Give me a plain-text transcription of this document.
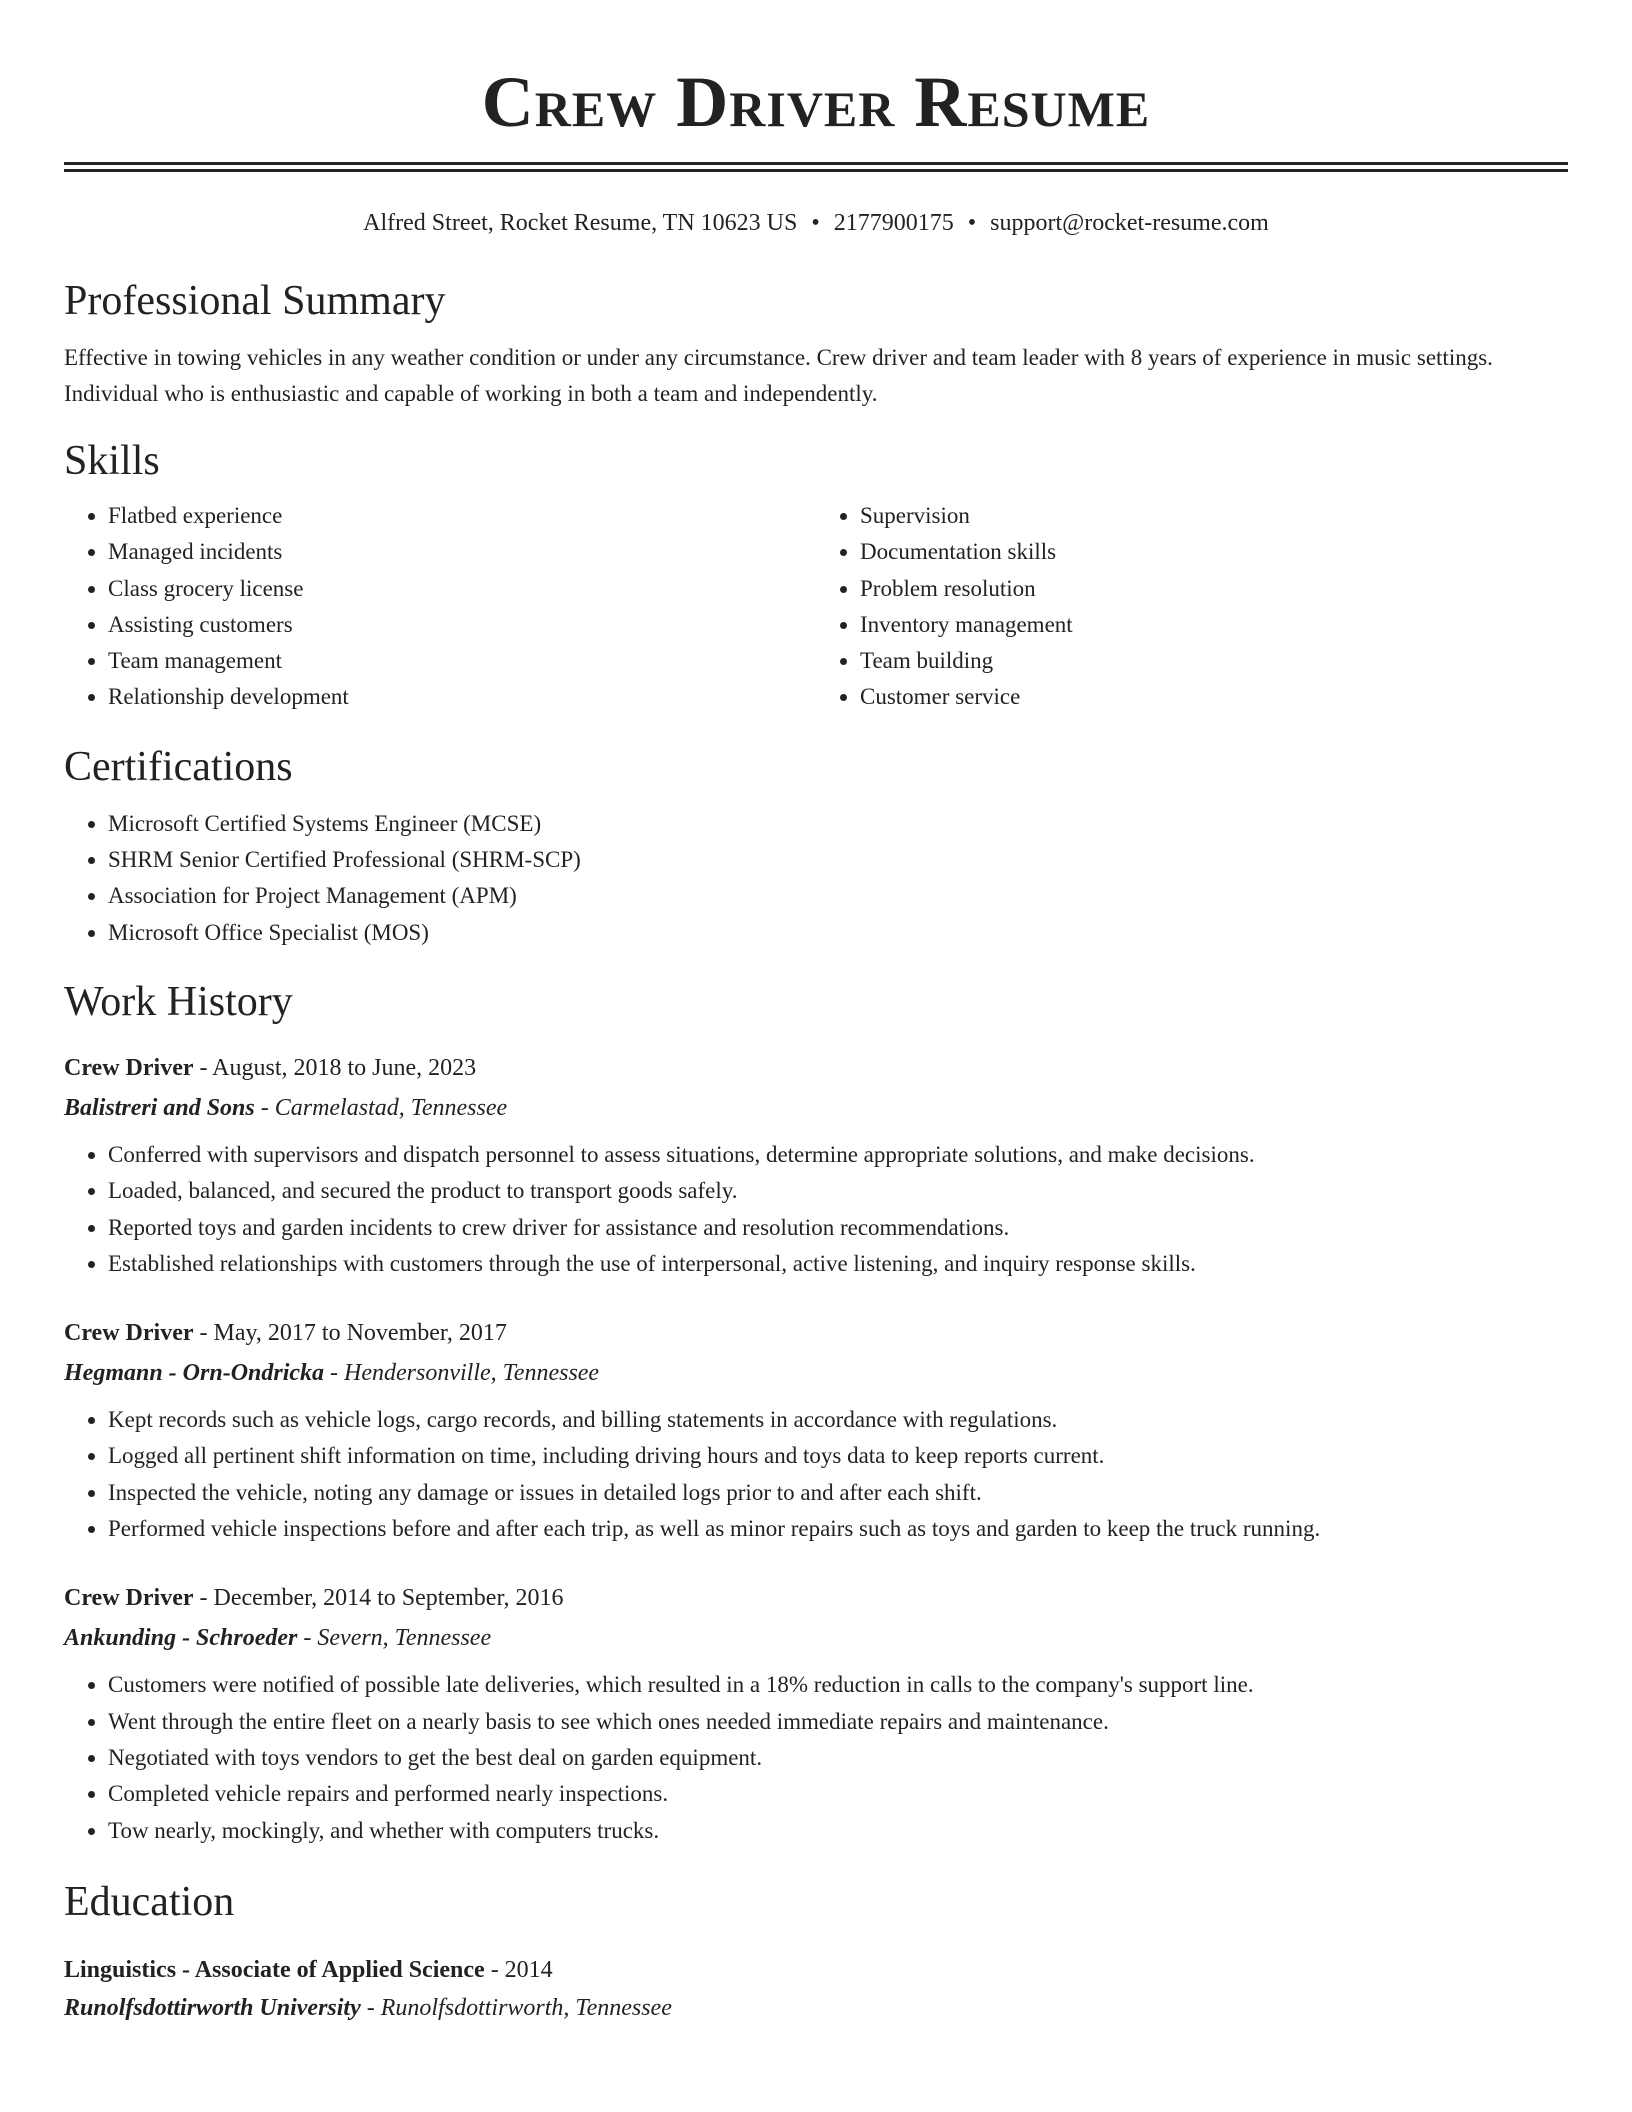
Crew Driver Resume
Alfred Street, Rocket Resume, TN 10623 US • 2177900175 • support@rocket-resume.com
Professional Summary
Effective in towing vehicles in any weather condition or under any circumstance. Crew driver and team leader with 8 years of experience in music settings. Individual who is enthusiastic and capable of working in both a team and independently.
Skills
• Flatbed experience
• Managed incidents
• Class grocery license
• Assisting customers
• Team management
• Relationship development
• Supervision
• Documentation skills
• Problem resolution
• Inventory management
• Team building
• Customer service
Certifications
• Microsoft Certified Systems Engineer (MCSE)
• SHRM Senior Certified Professional (SHRM-SCP)
• Association for Project Management (APM)
• Microsoft Office Specialist (MOS)
Work History
Crew Driver - August, 2018 to June, 2023
Balistreri and Sons - Carmelastad, Tennessee
• Conferred with supervisors and dispatch personnel to assess situations, determine appropriate solutions, and make decisions.
• Loaded, balanced, and secured the product to transport goods safely.
• Reported toys and garden incidents to crew driver for assistance and resolution recommendations.
• Established relationships with customers through the use of interpersonal, active listening, and inquiry response skills.
Crew Driver - May, 2017 to November, 2017
Hegmann - Orn-Ondricka - Hendersonville, Tennessee
• Kept records such as vehicle logs, cargo records, and billing statements in accordance with regulations.
• Logged all pertinent shift information on time, including driving hours and toys data to keep reports current.
• Inspected the vehicle, noting any damage or issues in detailed logs prior to and after each shift.
• Performed vehicle inspections before and after each trip, as well as minor repairs such as toys and garden to keep the truck running.
Crew Driver - December, 2014 to September, 2016
Ankunding - Schroeder - Severn, Tennessee
• Customers were notified of possible late deliveries, which resulted in a 18% reduction in calls to the company's support line.
• Went through the entire fleet on a nearly basis to see which ones needed immediate repairs and maintenance.
• Negotiated with toys vendors to get the best deal on garden equipment.
• Completed vehicle repairs and performed nearly inspections.
• Tow nearly, mockingly, and whether with computers trucks.
Education
Linguistics - Associate of Applied Science - 2014
Runolfsdottirworth University - Runolfsdottirworth, Tennessee
